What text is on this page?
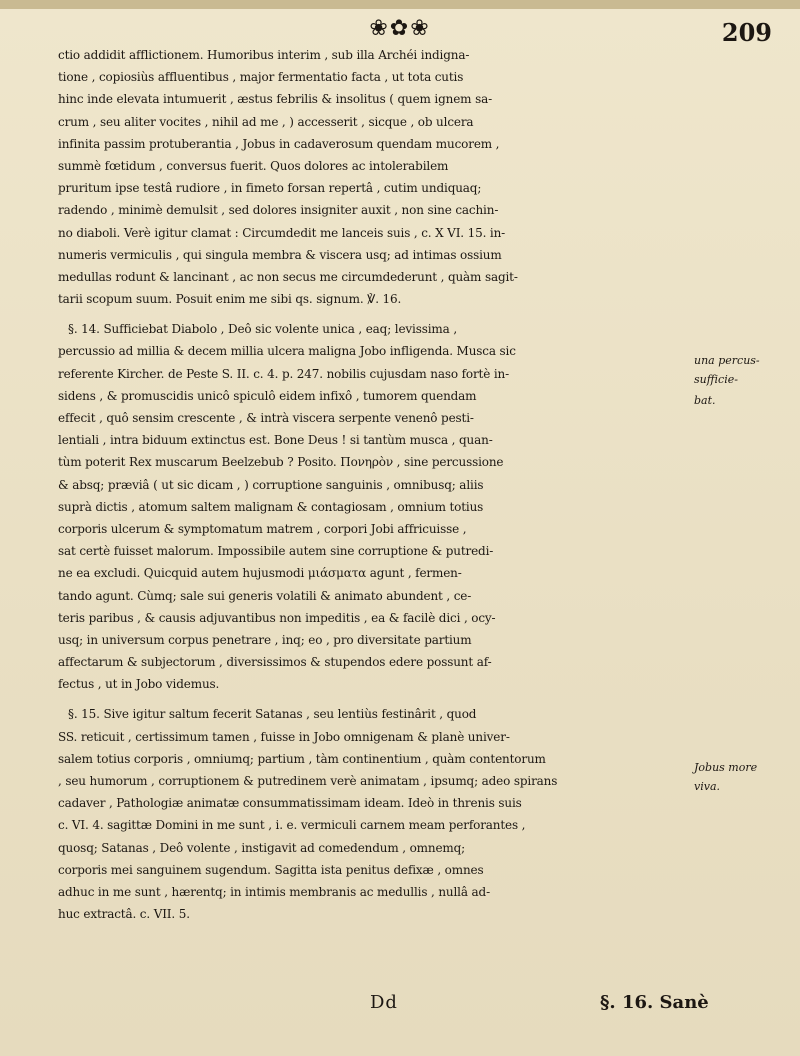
❀✿❀	209
ctio addidit afflictionem. Humoribus interim , sub illa Archéi indigna-
tione , copiosiùs affluentibus , major fermentatio facta , ut tota cutis
hinc inde elevata intumuerit , æstus febrilis & insolitus ( quem ignem sa-
crum , seu aliter vocites , nihil ad me , ) accesserit , sicque , ob ulcera
infinita passim protuberantia , Jobus in cadaverosum quendam mucorem ,
summè fœtidum , conversus fuerit. Quos dolores ac intolerabilem
pruritum ipse testâ rudiore , in fimeto forsan repertâ , cutim undiquaq;
radendo , minimè demulsit , sed dolores insigniter auxit , non sine cachin-
no diaboli. Verè igitur clamat : Circumdedit me lanceis suis , c. X VI. 15. in-
numeris vermiculis , qui singula membra & viscera usq; ad intimas ossium
medullas rodunt & lancinant , ac non secus me circumdederunt , quàm sagit-
tarii scopum suum. Posuit enim me sibi qs. signum. ℣. 16.
§. 14. Sufficiebat Diabolo , Deô sic volente unica , eaq; levissima ,
percussio ad millia & decem millia ulcera maligna Jobo infligenda. Musca sic
referente Kircher. de Peste S. II. c. 4. p. 247. nobilis cujusdam naso fortè in-
sidens , & promuscidis unicô spiculô eidem infixô , tumorem quendam
effecit , quô sensim crescente , & intrà viscera serpente venenô pesti-
lentiali , intra biduum extinctus est. Bone Deus ! si tantùm musca , quan-
tùm poterit Rex muscarum Beelzebub ? Posito. Πονηρὸν , sine percussione
& absq; præviâ ( ut sic dicam , ) corruptione sanguinis , omnibusq; aliis
suprà dictis , atomum saltem malignam & contagiosam , omnium totius
corporis ulcerum & symptomatum matrem , corpori Jobi affricuisse ,
sat certè fuisset malorum. Impossibile autem sine corruptione & putredi-
ne ea excludi. Quicquid autem hujusmodi μιάσματα agunt , fermen-
tando agunt. Cùmq; sale sui generis volatili & animato abundent , ce-
teris paribus , & causis adjuvantibus non impeditis , ea & facilè dici , ocy-
usq; in universum corpus penetrare , inq; eo , pro diversitate partium
affectarum & subjectorum , diversissimos & stupendos edere possunt af-
fectus , ut in Jobo videmus.
§. 15. Sive igitur saltum fecerit Satanas , seu lentiùs festinârit , quod
SS. reticuit , certissimum tamen , fuisse in Jobo omnigenam & planè univer-
salem totius corporis , omniumq; partium , tàm continentium , quàm contentorum
, seu humorum , corruptionem & putredinem verè animatam , ipsumq; adeo spirans
cadaver , Pathologiæ animatæ consummatissimam ideam. Ideò in threnis suis
c. VI. 4. sagittæ Domini in me sunt , i. e. vermiculi carnem meam perforantes ,
quosq; Satanas , Deô volente , instigavit ad comedendum , omnemq;
corporis mei sanguinem sugendum. Sagitta ista penitus defixæ , omnes
adhuc in me sunt , hærentq; in intimis membranis ac medullis , nullâ ad-
huc extractâ. c. VII. 5.
una percus-
sufficie-
bat.
Jobus more
viva.
Dd	§. 16. Sanè
